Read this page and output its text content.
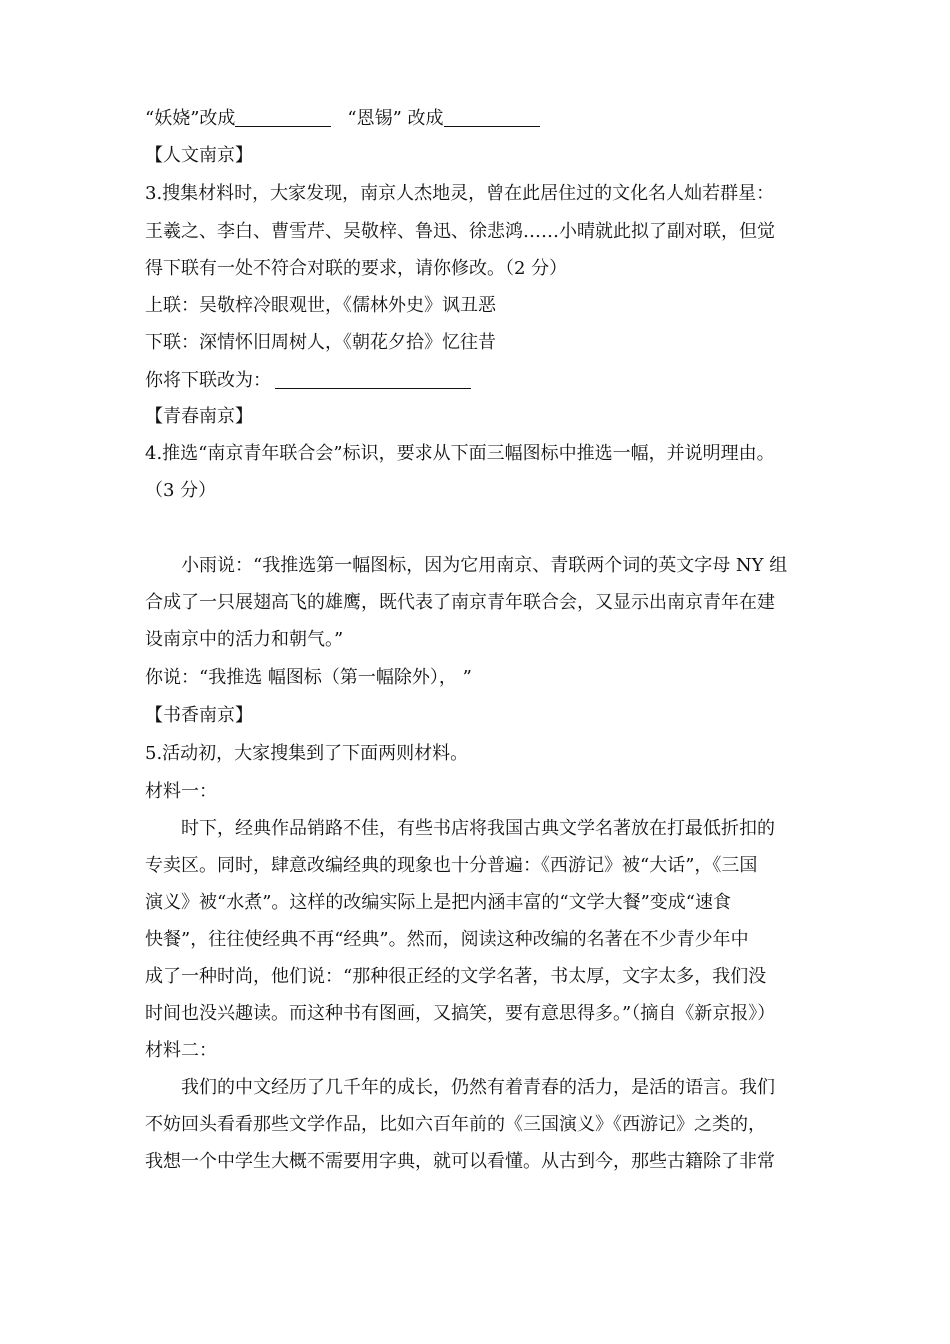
“妖娆”改成	“恩锡” 改成
【人文南京】
3.搜集材料时，大家发现，南京人杰地灵，曾在此居住过的文化名人灿若群星：
王羲之、李白、曹雪芹、吴敬梓、鲁迅、徐悲鸿……小晴就此拟了副对联，但觉
得下联有一处不符合对联的要求，请你修改。（2 分）
上联：吴敬梓冷眼观世，《儒林外史》讽丑恶
下联：深情怀旧周树人，《朝花夕拾》忆往昔
你将下联改为：
【青春南京】
4.推选“南京青年联合会”标识，要求从下面三幅图标中推选一幅，并说明理由。
（3 分）
小雨说：“我推选第一幅图标，因为它用南京、青联两个词的英文字母 NY 组
合成了一只展翅高飞的雄鹰，既代表了南京青年联合会，又显示出南京青年在建
设南京中的活力和朝气。”
你说：“我推选 幅图标（第一幅除外）， ”
【书香南京】
5.活动初，大家搜集到了下面两则材料。
材料一：
时下，经典作品销路不佳，有些书店将我国古典文学名著放在打最低折扣的
专卖区。同时，肆意改编经典的现象也十分普遍：《西游记》被“大话”，《三国
演义》被“水煮”。这样的改编实际上是把内涵丰富的“文学大餐”变成“速食
快餐”，往往使经典不再“经典”。然而，阅读这种改编的名著在不少青少年中
成了一种时尚，他们说：“那种很正经的文学名著，书太厚，文字太多，我们没
时间也没兴趣读。而这种书有图画，又搞笑，要有意思得多。”（摘自《新京报》）
材料二：
我们的中文经历了几千年的成长，仍然有着青春的活力，是活的语言。我们
不妨回头看看那些文学作品，比如六百年前的《三国演义》《西游记》之类的，
我想一个中学生大概不需要用字典，就可以看懂。从古到今，那些古籍除了非常
